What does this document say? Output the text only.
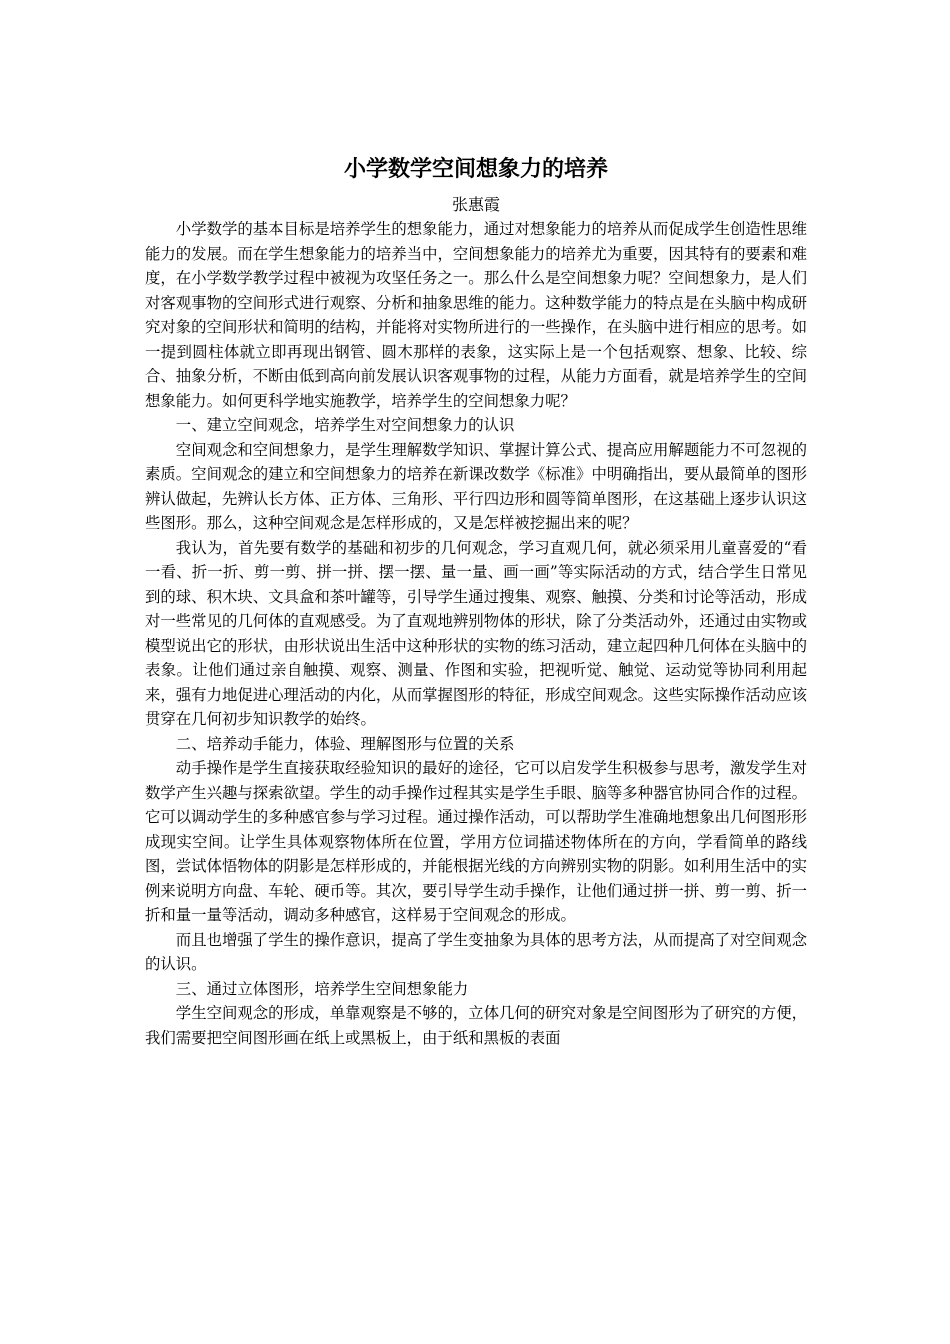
小学数学空间想象力的培养

张惠霞

小学数学的基本目标是培养学生的想象能力，通过对想象能力的培养从而促成学生创造性思维能力的发展。而在学生想象能力的培养当中，空间想象能力的培养尤为重要，因其特有的要素和难度，在小学数学教学过程中被视为攻坚任务之一。那么什么是空间想象力呢？空间想象力，是人们对客观事物的空间形式进行观察、分析和抽象思维的能力。这种数学能力的特点是在头脑中构成研究对象的空间形状和简明的结构，并能将对实物所进行的一些操作，在头脑中进行相应的思考。如一提到圆柱体就立即再现出钢管、圆木那样的表象，这实际上是一个包括观察、想象、比较、综合、抽象分析，不断由低到高向前发展认识客观事物的过程，从能力方面看，就是培养学生的空间想象能力。如何更科学地实施教学，培养学生的空间想象力呢？

一、建立空间观念，培养学生对空间想象力的认识

空间观念和空间想象力，是学生理解数学知识、掌握计算公式、提高应用解题能力不可忽视的素质。空间观念的建立和空间想象力的培养在新课改数学《标准》中明确指出，要从最简单的图形辨认做起，先辨认长方体、正方体、三角形、平行四边形和圆等简单图形，在这基础上逐步认识这些图形。那么，这种空间观念是怎样形成的，又是怎样被挖掘出来的呢？

我认为，首先要有数学的基础和初步的几何观念，学习直观几何，就必须采用儿童喜爱的“看一看、折一折、剪一剪、拼一拼、摆一摆、量一量、画一画”等实际活动的方式，结合学生日常见到的球、积木块、文具盒和茶叶罐等，引导学生通过搜集、观察、触摸、分类和讨论等活动，形成对一些常见的几何体的直观感受。为了直观地辨别物体的形状，除了分类活动外，还通过由实物或模型说出它的形状，由形状说出生活中这种形状的实物的练习活动，建立起四种几何体在头脑中的表象。让他们通过亲自触摸、观察、测量、作图和实验，把视听觉、触觉、运动觉等协同利用起来，强有力地促进心理活动的内化，从而掌握图形的特征，形成空间观念。这些实际操作活动应该贯穿在几何初步知识教学的始终。

二、培养动手能力，体验、理解图形与位置的关系

动手操作是学生直接获取经验知识的最好的途径，它可以启发学生积极参与思考，激发学生对数学产生兴趣与探索欲望。学生的动手操作过程其实是学生手眼、脑等多种器官协同合作的过程。它可以调动学生的多种感官参与学习过程。通过操作活动，可以帮助学生准确地想象出几何图形形成现实空间。让学生具体观察物体所在位置，学用方位词描述物体所在的方向，学看简单的路线图，尝试体悟物体的阴影是怎样形成的，并能根据光线的方向辨别实物的阴影。如利用生活中的实例来说明方向盘、车轮、硬币等。其次，要引导学生动手操作，让他们通过拼一拼、剪一剪、折一折和量一量等活动，调动多种感官，这样易于空间观念的形成。

而且也增强了学生的操作意识，提高了学生变抽象为具体的思考方法，从而提高了对空间观念的认识。

三、通过立体图形，培养学生空间想象能力

学生空间观念的形成，单靠观察是不够的，立体几何的研究对象是空间图形为了研究的方便，我们需要把空间图形画在纸上或黑板上，由于纸和黑板的表面
